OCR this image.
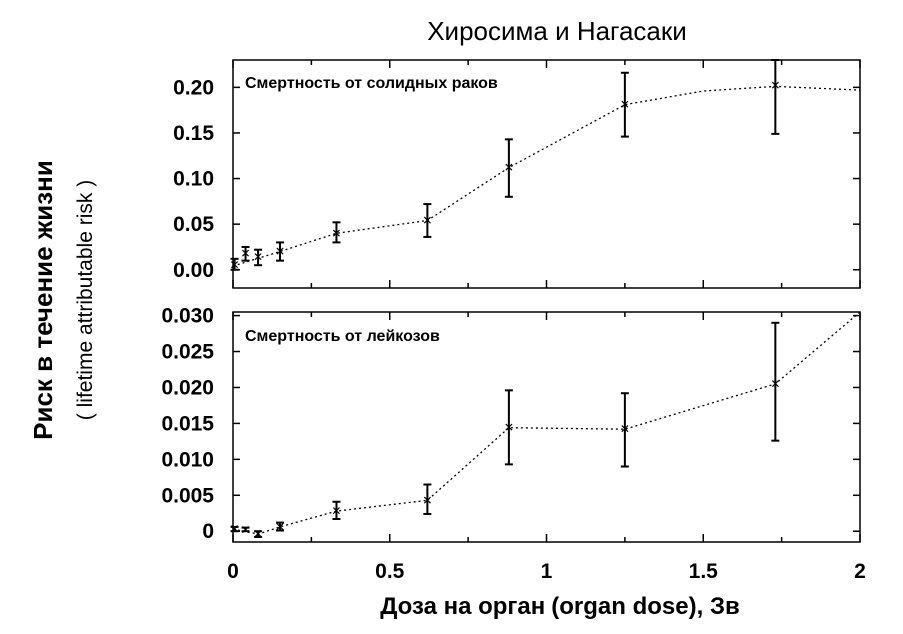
Хиросима и Нагасаки
Смертность от солидных раков
0.00
0.05
0.10
0.15
0.20
✕
✕ ✕ ✕
✕
✕
✕
✕
✕
Смертность от лейкозов
0
0.005
0.010
0.015
0.020
0.025
0.030
✕ ✕ ✕
✕
✕
✕
✕	✕
✕
0	0.5	1	1.5	2
Доза на орган (organ dose), Зв
Риск в течение жизни ( lifetime attributable risk )
